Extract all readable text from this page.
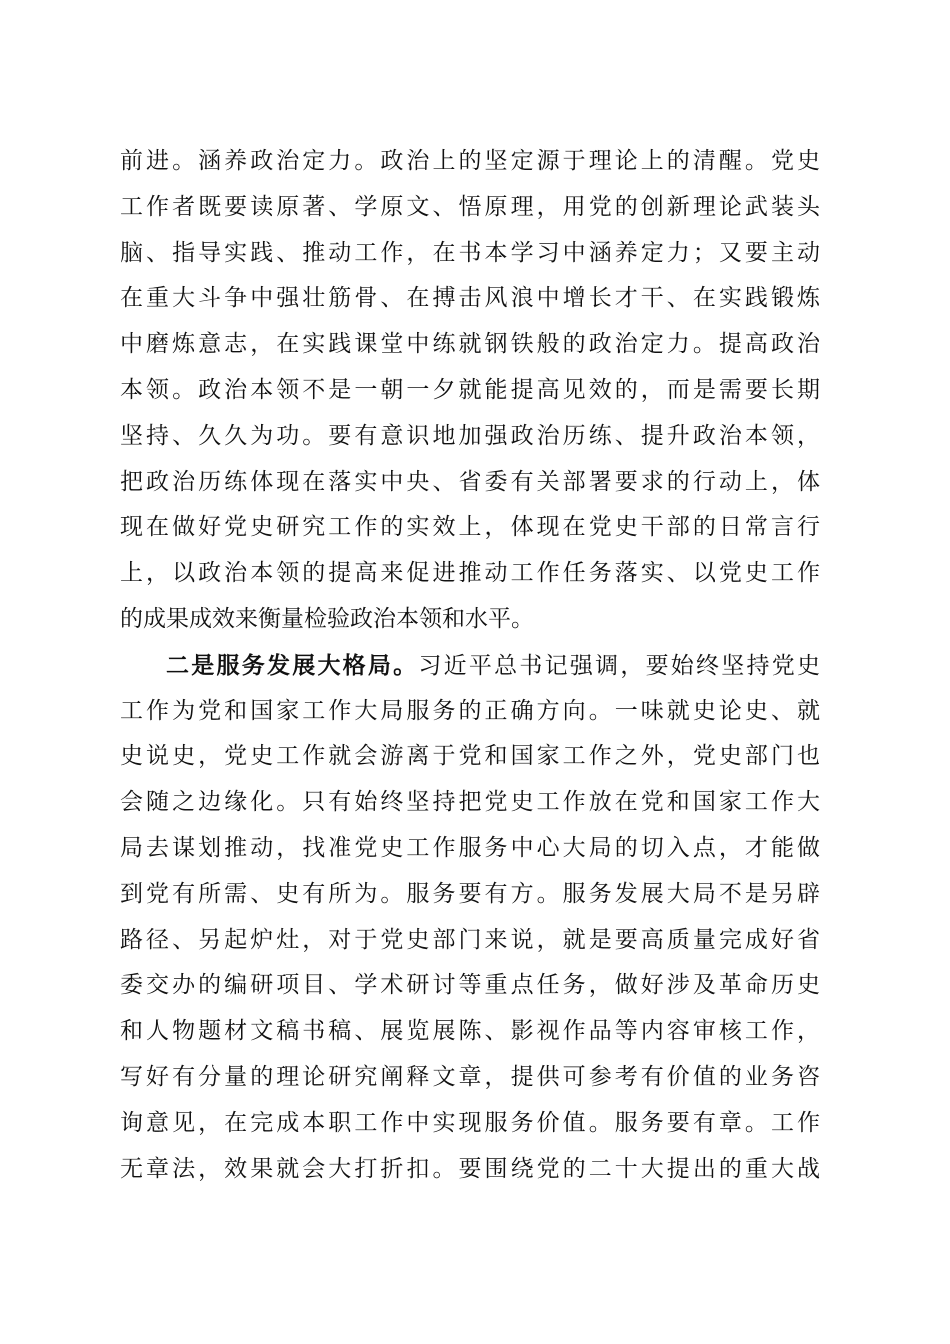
前进。涵养政治定力。政治上的坚定源于理论上的清醒。党史
工作者既要读原著、学原文、悟原理，用党的创新理论武装头
脑、指导实践、推动工作，在书本学习中涵养定力；又要主动
在重大斗争中强壮筋骨、在搏击风浪中增长才干、在实践锻炼
中磨炼意志，在实践课堂中练就钢铁般的政治定力。提高政治
本领。政治本领不是一朝一夕就能提高见效的，而是需要长期
坚持、久久为功。要有意识地加强政治历练、提升政治本领，
把政治历练体现在落实中央、省委有关部署要求的行动上，体
现在做好党史研究工作的实效上，体现在党史干部的日常言行
上，以政治本领的提高来促进推动工作任务落实、以党史工作
的成果成效来衡量检验政治本领和水平。
二是服务发展大格局。习近平总书记强调，要始终坚持党史
工作为党和国家工作大局服务的正确方向。一味就史论史、就
史说史，党史工作就会游离于党和国家工作之外，党史部门也
会随之边缘化。只有始终坚持把党史工作放在党和国家工作大
局去谋划推动，找准党史工作服务中心大局的切入点，才能做
到党有所需、史有所为。服务要有方。服务发展大局不是另辟
路径、另起炉灶，对于党史部门来说，就是要高质量完成好省
委交办的编研项目、学术研讨等重点任务，做好涉及革命历史
和人物题材文稿书稿、展览展陈、影视作品等内容审核工作，
写好有分量的理论研究阐释文章，提供可参考有价值的业务咨
询意见，在完成本职工作中实现服务价值。服务要有章。工作
无章法，效果就会大打折扣。要围绕党的二十大提出的重大战
